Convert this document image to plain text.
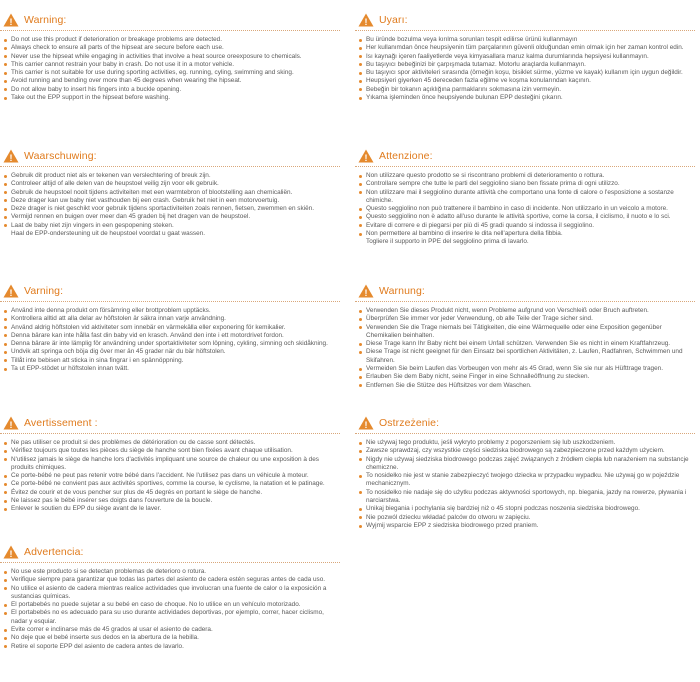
! Warning:
Do not use this product if deterioration or breakage problems are detected.
Always check to ensure all parts of the hipseat are secure before each use.
Never use the hipseat while engaging in activities that involve a heat source oreexposure to chemicals.
This carrier cannot restrain your baby in crash. Do not use it in a motor vehicle.
This carrier is not suitable for use during sporting activities, eg. running, cyling, swimming and sking.
Avoid running and bending over more than 45 degrees when wearing the hipseat.
Do not allow baby to insert his fingers into a buckle opening.
Take out the EPP support in the hipseat before washing.
! Waarschuwing:
Gebruik dit product niet als er tekenen van verslechtering of breuk zijn.
Controleer altijd of alle delen van de heupstoel veilig zijn voor elk gebruik.
Gebruik de heupstoel nooit tijdens activiteiten met een warmtebron of blootstelling aan chemicaliën.
Deze drager kan uw baby niet vasthouden bij een crash. Gebruik het niet in een motorvoertuig.
Deze drager is niet geschikt voor gebruik tijdens sportactiviteiten zoals rennen, fietsen, zwemmen en skiën.
Vermijd rennen en buigen over meer dan 45 graden bij het dragen van de heupstoel.
Laat de baby niet zijn vingers in een gespopening steken.
Haal de EPP-ondersteuning uit de heupstoel voordat u gaat wassen.
! Varning:
Använd inte denna produkt om försämring eller brottproblem upptäcks.
Kontrollera alltid att alla delar av höftstolen är säkra innan varje användning.
Använd aldrig höftstolen vid aktiviteter som innebär en värmekälla eller exponering för kemikalier.
Denna bärare kan inte hålla fast din baby vid en krasch. Använd den inte i ett motordrivet fordon.
Denna bärare är inte lämplig för användning under sportaktiviteter som löpning, cykling, simning och skidåkning.
Undvik att springa och böja dig över mer än 45 grader när du bär höftstolen.
Tillåt inte bebisen att sticka in sina fingrar i en spännöppning.
Ta ut EPP-stödet ur höftstolen innan tvätt.
! Avertissement :
Ne pas utiliser ce produit si des problèmes de détérioration ou de casse sont détectés.
Vérifiez toujours que toutes les pièces du siège de hanche sont bien fixées avant chaque utilisation.
N'utilisez jamais le siège de hanche lors d'activités impliquant une source de chaleur ou une exposition à des produits chimiques.
Ce porte-bébé ne peut pas retenir votre bébé dans l'accident. Ne l'utilisez pas dans un véhicule à moteur.
Ce porte-bébé ne convient pas aux activités sportives, comme la course, le cyclisme, la natation et le patinage.
Évitez de courir et de vous pencher sur plus de 45 degrés en portant le siège de hanche.
Ne laissez pas le bébé insérer ses doigts dans l'ouverture de la boucle.
Enlever le soutien du EPP du siège avant de le laver.
! Advertencia:
No use este producto si se detectan problemas de deterioro o rotura.
Verifique siempre para garantizar que todas las partes del asiento de cadera estén seguras antes de cada uso.
No utilice el asiento de cadera mientras realice actividades que involucran una fuente de calor o la exposición a sustancias químicas.
El portabebés no puede sujetar a su bebé en caso de choque. No lo utilice en un vehículo motorizado.
El portabebés no es adecuado para su uso durante actividades deportivas, por ejemplo, correr, hacer ciclismo, nadar y esquiar.
Evite correr e inclinarse más de 45 grados al usar el asiento de cadera.
No deje que el bebé inserte sus dedos en la abertura de la hebilla.
Retire el soporte EPP del asiento de cadera antes de lavarlo.
! Uyarı:
Bu üründe bozulma veya kırılma sorunları tespit edilirse ürünü kullanmayın
Her kullanımdan önce heupsiyenin tüm parçalarının güvenli olduğundan emin olmak için her zaman kontrol edin.
Isı kaynağı içeren faaliyetlerde veya kimyasallara maruz kalma durumlarında hepsiyesi kullanmayın.
Bu taşıyıcı bebeğinizi bir çarpışmada tutamaz. Motorlu araçlarda kullanmayın.
Bu taşıyıcı spor aktiviteleri sırasında (örneğin koşu, bisiklet sürme, yüzme ve kayak) kullanım için uygun değildir.
Heupsiyeri giyerken 45 dereceden fazla eğilme ve koşma konularından kaçının.
Bebeğin bir tokanın açıklığına parmaklarını sokmasına izin vermeyin.
Yıkama işleminden önce heupsiyende bulunan EPP desteğini çıkarın.
! Attenzione:
Non utilizzare questo prodotto se si riscontrano problemi di deterioramento o rottura.
Controllare sempre che tutte le parti del seggiolino siano ben fissate prima di ogni utilizzo.
Non utilizzare mai il seggiolino durante attività che comportano una fonte di calore o l'esposizione a sostanze chimiche.
Questo seggiolino non può trattenere il bambino in caso di incidente. Non utilizzarlo in un veicolo a motore.
Questo seggiolino non è adatto all'uso durante le attività sportive, come la corsa, il ciclismo, il nuoto e lo sci.
Evitare di correre e di piegarsi per più di 45 gradi quando si indossa il seggiolino.
Non permettere al bambino di inserire le dita nell'apertura della fibbia.
Togliere il supporto in PPE del seggiolino prima di lavarlo.
! Warnung:
Verwenden Sie dieses Produkt nicht, wenn Probleme aufgrund von Verschleiß oder Bruch auftreten.
Überprüfen Sie immer vor jeder Verwendung, ob alle Teile der Trage sicher sind.
Verwenden Sie die Trage niemals bei Tätigkeiten, die eine Wärmequelle oder eine Exposition gegenüber Chemikalien beinhalten.
Diese Trage kann Ihr Baby nicht bei einem Unfall schützen. Verwenden Sie es nicht in einem Kraftfahrzeug.
Diese Trage ist nicht geeignet für den Einsatz bei sportlichen Aktivitäten, z. Laufen, Radfahren, Schwimmen und Skifahren.
Vermeiden Sie beim Laufen das Vorbeugen von mehr als 45 Grad, wenn Sie sie nur als Hüfttrage tragen.
Erlauben Sie dem Baby nicht, seine Finger in eine Schnalleöffnung zu stecken.
Entfernen Sie die Stütze des Hüftsitzes vor dem Waschen.
! Ostrzeżenie:
Nie używaj tego produktu, jeśli wykryto problemy z pogorszeniem się lub uszkodzeniem.
Zawsze sprawdzaj, czy wszystkie części siedziska biodrowego są zabezpieczone przed każdym użyciem.
Nigdy nie używaj siedziska biodrowego podczas zajęć związanych z źródłem ciepła lub narażeniem na substancje chemiczne.
To nosidełko nie jest w stanie zabezpieczyć twojego dziecka w przypadku wypadku. Nie używaj go w pojeździe mechanicznym.
To nosidełko nie nadaje się do użytku podczas aktywności sportowych, np. biegania, jazdy na rowerze, pływania i narciarstwa.
Unikaj biegania i pochylania się bardziej niż o 45 stopni podczas noszenia siedziska biodrowego.
Nie pozwól dziecku wkładać palców do otworu w zapięciu.
Wyjmij wsparcie EPP z siedziska biodrowego przed praniem.
